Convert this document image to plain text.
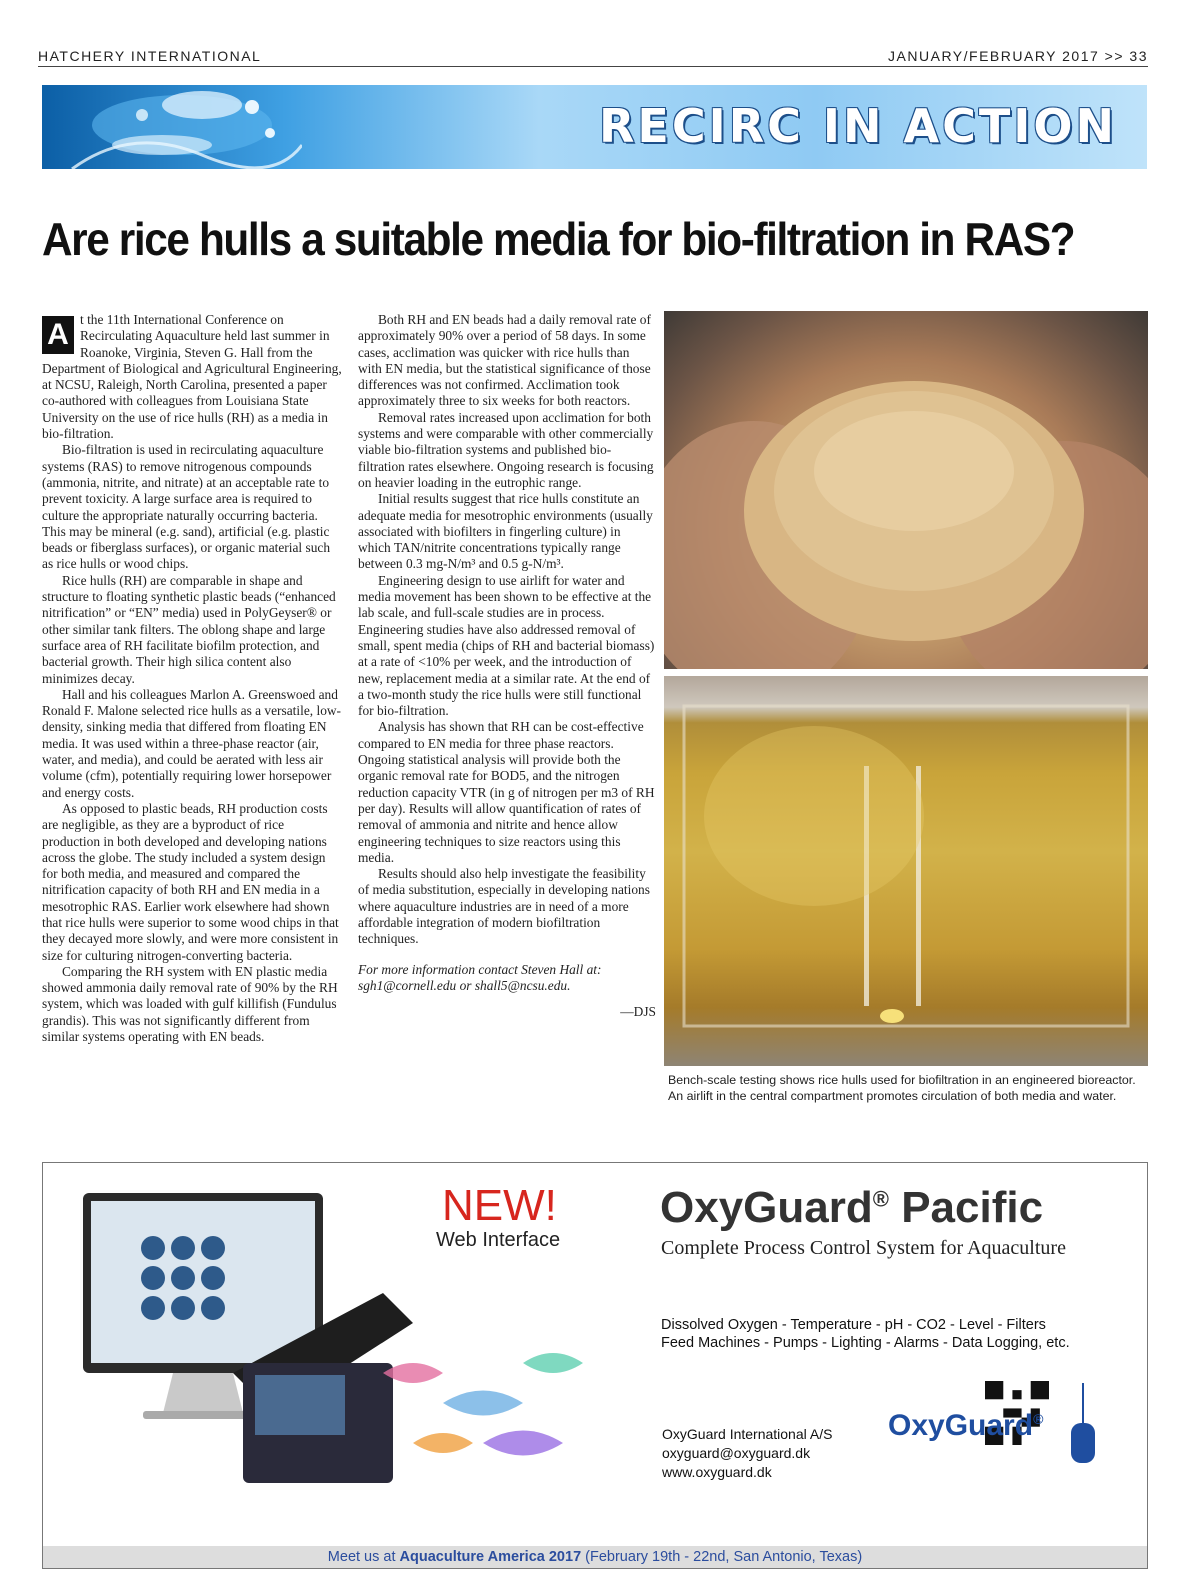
HATCHERY INTERNATIONAL	JANUARY/FEBRUARY 2017 >> 33
RECIRC IN ACTION
Are rice hulls a suitable media for bio-filtration in RAS?

A t the 11th International Conference on Recirculating Aquaculture held last summer in Roanoke, Virginia, Steven G. Hall from the Department of Biological and Agricultural Engineering, at NCSU, Raleigh, North Carolina, presented a paper co-authored with colleagues from Louisiana State University on the use of rice hulls (RH) as a media in bio-filtration.

Bio-filtration is used in recirculating aquaculture systems (RAS) to remove nitrogenous compounds (ammonia, nitrite, and nitrate) at an acceptable rate to prevent toxicity. A large surface area is required to culture the appropriate naturally occurring bacteria. This may be mineral (e.g. sand), artificial (e.g. plastic beads or fiberglass surfaces), or organic material such as rice hulls or wood chips.

Rice hulls (RH) are comparable in shape and structure to floating synthetic plastic beads (“enhanced nitrification” or “EN” media) used in PolyGeyser® or other similar tank filters. The oblong shape and large surface area of RH facilitate biofilm protection, and bacterial growth. Their high silica content also minimizes decay.

Hall and his colleagues Marlon A. Greenswoed and Ronald F. Malone selected rice hulls as a versatile, low-density, sinking media that differed from floating EN media. It was used within a three-phase reactor (air, water, and media), and could be aerated with less air volume (cfm), potentially requiring lower horsepower and energy costs.

As opposed to plastic beads, RH production costs are negligible, as they are a byproduct of rice production in both developed and developing nations across the globe. The study included a system design for both media, and measured and compared the nitrification capacity of both RH and EN media in a mesotrophic RAS. Earlier work elsewhere had shown that rice hulls were superior to some wood chips in that they decayed more slowly, and were more consistent in size for culturing nitrogen-converting bacteria.

Comparing the RH system with EN plastic media showed ammonia daily removal rate of 90% by the RH system, which was loaded with gulf killifish (Fundulus grandis). This was not significantly different from similar systems operating with EN beads.

Both RH and EN beads had a daily removal rate of approximately 90% over a period of 58 days. In some cases, acclimation was quicker with rice hulls than with EN media, but the statistical significance of those differences was not confirmed. Acclimation took approximately three to six weeks for both reactors.

Removal rates increased upon acclimation for both systems and were comparable with other commercially viable bio-filtration systems and published bio-filtration rates elsewhere. Ongoing research is focusing on heavier loading in the eutrophic range.

Initial results suggest that rice hulls constitute an adequate media for mesotrophic environments (usually associated with biofilters in fingerling culture) in which TAN/nitrite concentrations typically range between 0.3 mg-N/m³ and 0.5 g-N/m³.

Engineering design to use airlift for water and media movement has been shown to be effective at the lab scale, and full-scale studies are in process. Engineering studies have also addressed removal of small, spent media (chips of RH and bacterial biomass) at a rate of <10% per week, and the introduction of new, replacement media at a similar rate. At the end of a two-month study the rice hulls were still functional for bio-filtration.

Analysis has shown that RH can be cost-effective compared to EN media for three phase reactors. Ongoing statistical analysis will provide both the organic removal rate for BOD5, and the nitrogen reduction capacity VTR (in g of nitrogen per m3 of RH per day). Results will allow quantification of rates of removal of ammonia and nitrite and hence allow engineering techniques to size reactors using this media.

Results should also help investigate the feasibility of media substitution, especially in developing nations where aquaculture industries are in need of a more affordable integration of modern biofiltration techniques.

For more information contact Steven Hall at: sgh1@cornell.edu or shall5@ncsu.edu.

—DJS

Bench-scale testing shows rice hulls used for biofiltration in an engineered bioreactor. An airlift in the central compartment promotes circulation of both media and water.
NEW!
Web Interface
OxyGuard® Pacific
Complete Process Control System for Aquaculture
Dissolved Oxygen - Temperature - pH - CO2 - Level - Filters
Feed Machines - Pumps - Lighting - Alarms - Data Logging, etc.
OxyGuard International A/S
oxyguard@oxyguard.dk
www.oxyguard.dk
OxyGuard®
Meet us at Aquaculture America 2017 (February 19th - 22nd, San Antonio, Texas)
